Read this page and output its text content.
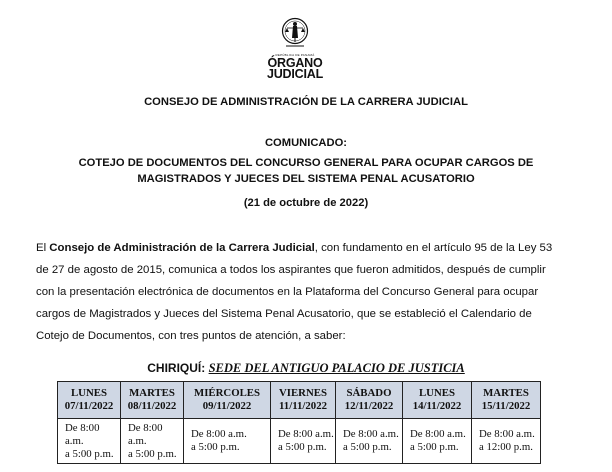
REPÚBLICA DE PANAMÁ
ÓRGANO
JUDICIAL
CONSEJO DE ADMINISTRACIÓN DE LA CARRERA JUDICIAL
COMUNICADO:
COTEJO DE DOCUMENTOS DEL CONCURSO GENERAL PARA OCUPAR CARGOS DE
MAGISTRADOS Y JUECES DEL SISTEMA PENAL ACUSATORIO
(21 de octubre de 2022)
El Consejo de Administración de la Carrera Judicial, con fundamento en el artículo 95 de la Ley 53
de 27 de agosto de 2015, comunica a todos los aspirantes que fueron admitidos, después de cumplir
con la presentación electrónica de documentos en la Plataforma del Concurso General para ocupar
cargos de Magistrados y Jueces del Sistema Penal Acusatorio, que se estableció el Calendario de
Cotejo de Documentos, con tres puntos de atención, a saber:
CHIRIQUÍ: SEDE DEL ANTIGUO PALACIO DE JUSTICIA
LUNES
07/11/2022	MARTES
08/11/2022	MIÉRCOLES
09/11/2022	VIERNES
11/11/2022	SÁBADO
12/11/2022	LUNES
14/11/2022	MARTES
15/11/2022

De 8:00 a.m.
a 5:00 p.m.	De 8:00 a.m.
a 5:00 p.m.	De 8:00 a.m.
a 5:00 p.m.	De 8:00 a.m.
a 5:00 p.m.	De 8:00 a.m.
a 5:00 p.m.	De 8:00 a.m.
a 5:00 p.m.	De 8:00 a.m.
a 12:00 p.m.
